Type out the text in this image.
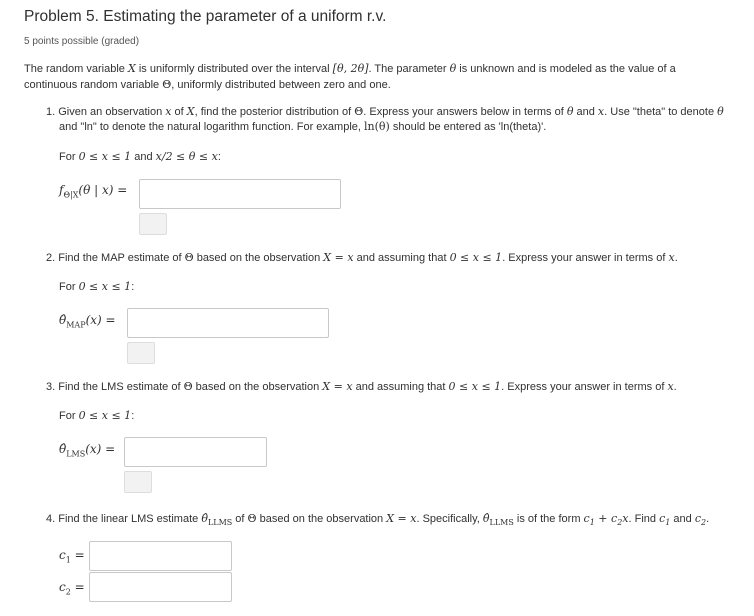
Problem 5. Estimating the parameter of a uniform r.v.
5 points possible (graded)
The random variable X is uniformly distributed over the interval [θ, 2θ]. The parameter θ is unknown and is modeled as the value of a continuous random variable Θ, uniformly distributed between zero and one.
1. Given an observation x of X, find the posterior distribution of Θ. Express your answers below in terms of θ and x. Use "theta" to denote θ
and "ln" to denote the natural logarithm function. For example, ln(θ) should be entered as 'ln(theta)'.
For 0 ≤ x ≤ 1 and x/2 ≤ θ ≤ x:
$f_{\Theta|X}(\theta$ | x) =
2. Find the MAP estimate of Θ based on the observation X = x and assuming that 0 ≤ x ≤ 1. Express your answer in terms of x.
For 0 ≤ x ≤ 1:
$\thetâ_{MAP}(x)$ =
3. Find the LMS estimate of Θ based on the observation X = x and assuming that 0 ≤ x ≤ 1. Express your answer in terms of x.
For 0 ≤ x ≤ 1:
$\thetâ_{LMS}(x)$ =
4. Find the linear LMS estimate $\thetâ_{LLMS}$ of Θ based on the observation X = x. Specifically, $\thetâ_{LLMS}$ is of the form $c_1 + c_2x$. Find $c_1$ and $c_2$.
$c_1$ =
$c_2$ =
